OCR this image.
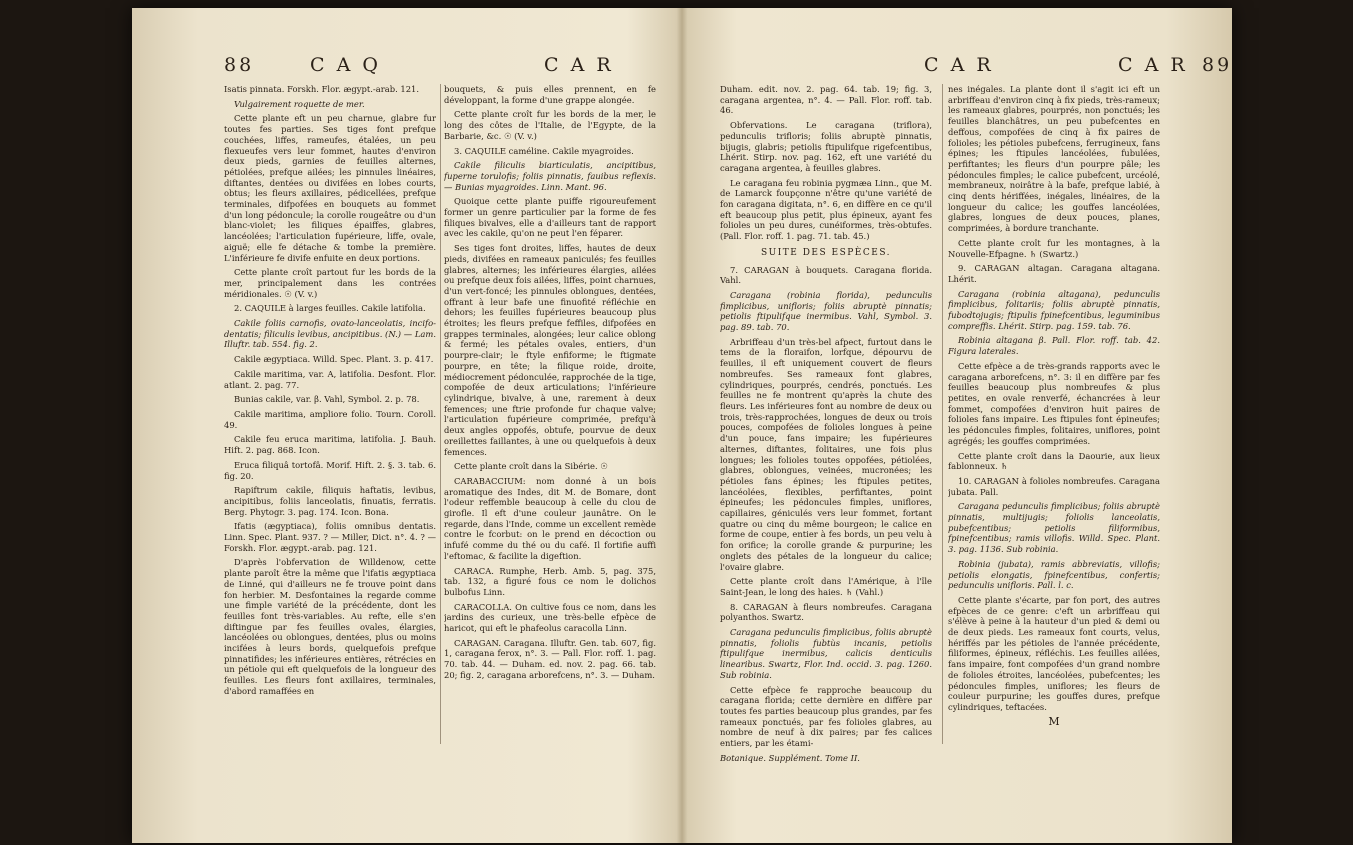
88	C A Q	C A R

Isatis pinnata. Forskh. Flor. ægypt.-arab. 121.

Vulgairement roquette de mer.

Cette plante eft un peu charnue, glabre fur toutes fes parties. Ses tiges font prefque couchées, liffes, rameufes, étalées, un peu flexueufes vers leur fommet, hautes d'environ deux pieds, garnies de feuilles alternes, pétiolées, prefque ailées; les pinnules linéaires, diftantes, dentées ou divifées en lobes courts, obtus; les fleurs axillaires, pédicellées, prefque terminales, difpofées en bouquets au fommet d'un long pédoncule; la corolle rougeâtre ou d'un blanc-violet; les filiques épaiffes, glabres, lancéolées; l'articulation fupérieure, liffe, ovale, aiguë; elle fe détache & tombe la première. L'inférieure fe divife enfuite en deux portions.

Cette plante croît partout fur les bords de la mer, principalement dans les contrées méridionales. ☉ (V. v.)

2. CAQUILE à larges feuilles. Cakile latifolia.

Cakile foliis carnofis, ovato-lanceolatis, incifo-dentatis; filiculis levibus, ancipitibus. (N.) — Lam. Illuftr. tab. 554. fig. 2.

Cakile ægyptiaca. Willd. Spec. Plant. 3. p. 417.

Cakile maritima, var. A, latifolia. Desfont. Flor. atlant. 2. pag. 77.

Bunias cakile, var. β. Vahl, Symbol. 2. p. 78.

Cakile maritima, ampliore folio. Tourn. Coroll. 49.

Cakile feu eruca maritima, latifolia. J. Bauh. Hift. 2. pag. 868. Icon.

Eruca filiquâ tortofâ. Morif. Hift. 2. §. 3. tab. 6. fig. 20.

Rapiftrum cakile, filiquis haftatis, levibus, ancipitibus, foliis lanceolatis, finuatis, ferratis. Berg. Phytogr. 3. pag. 174. Icon. Bona.

Ifatis (ægyptiaca), foliis omnibus dentatis. Linn. Spec. Plant. 937. ? — Miller, Dict. n°. 4. ? — Forskh. Flor. ægypt.-arab. pag. 121.

D'après l'obfervation de Willdenow, cette plante paroît être la même que l'ifatis ægyptiaca de Linné, qui d'ailleurs ne fe trouve point dans fon herbier. M. Desfontaines la regarde comme une fimple variété de la précédente, dont les feuilles font très-variables. Au refte, elle s'en diftingue par fes feuilles ovales, élargies, lancéolées ou oblongues, dentées, plus ou moins incifées à leurs bords, quelquefois prefque pinnatifides; les inférieures entières, rétrécies en un pétiole qui eft quelquefois de la longueur des feuilles. Les fleurs font axillaires, terminales, d'abord ramaffées en

bouquets, & puis elles prennent, en fe développant, la forme d'une grappe alongée.

Cette plante croît fur les bords de la mer, le long des côtes de l'Italie, de l'Egypte, de la Barbarie, &c. ☉ (V. v.)

3. CAQUILE caméline. Cakile myagroides.

Cakile filiculis biarticulatis, ancipitibus, fuperne torulofis; foliis pinnatis, fauibus reflexis. — Bunias myagroides. Linn. Mant. 96.

Quoique cette plante puiffe rigoureufement former un genre particulier par la forme de fes filiques bivalves, elle a d'ailleurs tant de rapport avec les cakile, qu'on ne peut l'en féparer.

Ses tiges font droites, liffes, hautes de deux pieds, divifées en rameaux paniculés; fes feuilles glabres, alternes; les inférieures élargies, ailées ou prefque deux fois ailées, liffes, point charnues, d'un vert-foncé; les pinnules oblongues, dentées, offrant à leur bafe une finuofité réfléchie en dehors; les feuilles fupérieures beaucoup plus étroites; les fleurs prefque feffiles, difpofées en grappes terminales, alongées; leur calice oblong & fermé; les pétales ovales, entiers, d'un pourpre-clair; le ftyle enfiforme; le ftigmate pourpre, en tête; la filique roide, droite, médiocrement pédonculée, rapprochée de la tige, compofée de deux articulations; l'inférieure cylindrique, bivalve, à une, rarement à deux femences; une ftrie profonde fur chaque valve; l'articulation fupérieure comprimée, prefqu'à deux angles oppofés, obtufe, pourvue de deux oreillettes faillantes, à une ou quelquefois à deux femences.

Cette plante croît dans la Sibérie. ☉

CARABACCIUM: nom donné à un bois aromatique des Indes, dit M. de Bomare, dont l'odeur reffemble beaucoup à celle du clou de girofle. Il eft d'une couleur jaunâtre. On le regarde, dans l'Inde, comme un excellent remède contre le fcorbut: on le prend en décoction ou infufé comme du thé ou du café. Il fortifie auffi l'eftomac, & facilite la digeftion.

CARACA. Rumphe, Herb. Amb. 5, pag. 375, tab. 132, a figuré fous ce nom le dolichos bulbofus Linn.

CARACOLLA. On cultive fous ce nom, dans les jardins des curieux, une très-belle efpèce de haricot, qui eft le phafeolus caracolla Linn.

CARAGAN. Caragana. Illuftr. Gen. tab. 607, fig. 1, caragana ferox, n°. 3. — Pall. Flor. roff. 1. pag. 70. tab. 44. — Duham. ed. nov. 2. pag. 66. tab. 20; fig. 2, caragana arborefcens, n°. 3. — Duham.

C A R	C A R 89

Duham. edit. nov. 2. pag. 64. tab. 19; fig. 3, caragana argentea, n°. 4. — Pall. Flor. roff. tab. 46.

Obfervations. Le caragana (triflora), pedunculis trifloris; foliis abruptè pinnatis, bijugis, glabris; petiolis ftipulifque rigefcentibus, Lhérit. Stirp. nov. pag. 162, eft une variété du caragana argentea, à feuilles glabres.

Le caragana feu robinia pygmæa Linn., que M. de Lamarck foupçonne n'être qu'une variété de fon caragana digitata, n°. 6, en diffère en ce qu'il eft beaucoup plus petit, plus épineux, ayant fes folioles un peu dures, cunéiformes, très-obtufes. (Pall. Flor. roff. 1. pag. 71. tab. 45.)

SUITE DES ESPÈCES.

7. CARAGAN à bouquets. Caragana florida. Vahl.

Caragana (robinia florida), pedunculis fimplicibus, unifloris; foliis abruptè pinnatis; petiolis ftipulifque inermibus. Vahl, Symbol. 3. pag. 89. tab. 70.

Arbriffeau d'un très-bel afpect, furtout dans le tems de la floraifon, lorfque, dépourvu de feuilles, il eft uniquement couvert de fleurs nombreufes. Ses rameaux font glabres, cylindriques, pourprés, cendrés, ponctués. Les feuilles ne fe montrent qu'après la chute des fleurs. Les inférieures font au nombre de deux ou trois, très-rapprochées, longues de deux ou trois pouces, compofées de folioles longues à peine d'un pouce, fans impaire; les fupérieures alternes, diftantes, folitaires, une fois plus longues; les folioles toutes oppofées, pétiolées, glabres, oblongues, veinées, mucronées; les pétioles fans épines; les ftipules petites, lancéolées, flexibles, perfiftantes, point épineufes; les pédoncules fimples, uniflores, capillaires, géniculés vers leur fommet, fortant quatre ou cinq du même bourgeon; le calice en forme de coupe, entier à fes bords, un peu velu à fon orifice; la corolle grande & purpurine; les onglets des pétales de la longueur du calice; l'ovaire glabre.

Cette plante croît dans l'Amérique, à l'île Saint-Jean, le long des haies. ♄ (Vahl.)

8. CARAGAN à fleurs nombreufes. Caragana polyanthos. Swartz.

Caragana pedunculis fimplicibus, foliis abruptè pinnatis, foliolis fubtùs incanis, petiolis ftipulifque inermibus, calicis denticulis linearibus. Swartz, Flor. Ind. occid. 3. pag. 1260. Sub robinia.

Cette efpèce fe rapproche beaucoup du caragana florida; cette dernière en diffère par toutes fes parties beaucoup plus grandes, par fes rameaux ponctués, par fes folioles glabres, au nombre de neuf à dix paires; par fes calices entiers, par les étami-

Botanique. Supplément. Tome II.

nes inégales. La plante dont il s'agit ici eft un arbriffeau d'environ cinq à fix pieds, très-rameux; les rameaux glabres, pourprés, non ponctués; les feuilles blanchâtres, un peu pubefcentes en deffous, compofées de cinq à fix paires de folioles; les pétioles pubefcens, ferrugineux, fans épines; les ftipules lancéolées, fubulées, perfiftantes; les fleurs d'un pourpre pâle; les pédoncules fimples; le calice pubefcent, urcéolé, membraneux, noirâtre à la bafe, prefque labié, à cinq dents hériffées, inégales, linéaires, de la longueur du calice; les gouffes lancéolées, glabres, longues de deux pouces, planes, comprimées, à bordure tranchante.

Cette plante croît fur les montagnes, à la Nouvelle-Efpagne. ♄ (Swartz.)

9. CARAGAN altagan. Caragana altagana. Lhérit.

Caragana (robinia altagana), pedunculis fimplicibus, folitariis; foliis abruptè pinnatis, fubodtojugis; ftipulis fpinefcentibus, leguminibus compreffis. Lhérit. Stirp. pag. 159. tab. 76.

Robinia altagana β. Pall. Flor. roff. tab. 42. Figura laterales.

Cette efpèce a de très-grands rapports avec le caragana arborefcens, n°. 3: il en diffère par fes feuilles beaucoup plus nombreufes & plus petites, en ovale renverfé, échancrées à leur fommet, compofées d'environ huit paires de folioles fans impaire. Les ftipules font épineufes; les pédoncules fimples, folitaires, uniflores, point agrégés; les gouffes comprimées.

Cette plante croît dans la Daourie, aux lieux fablonneux. ♄

10. CARAGAN à folioles nombreufes. Caragana jubata. Pall.

Caragana pedunculis fimplicibus; foliis abruptè pinnatis, multijugis; foliolis lanceolatis, pubefcentibus; petiolis filiformibus, fpinefcentibus; ramis villofis. Willd. Spec. Plant. 3. pag. 1136. Sub robinia.

Robinia (jubata), ramis abbreviatis, villofis; petiolis elongatis, fpinefcentibus, confertis; pedunculis unifloris. Pall. l. c.

Cette plante s'écarte, par fon port, des autres efpèces de ce genre: c'eft un arbriffeau qui s'élève à peine à la hauteur d'un pied & demi ou de deux pieds. Les rameaux font courts, velus, hériffés par les pétioles de l'année précédente, filiformes, épineux, réfléchis. Les feuilles ailées, fans impaire, font compofées d'un grand nombre de folioles étroites, lancéolées, pubefcentes; les pédoncules fimples, uniflores; les fleurs de couleur purpurine; les gouffes dures, prefque cylindriques, teftacées.

M
